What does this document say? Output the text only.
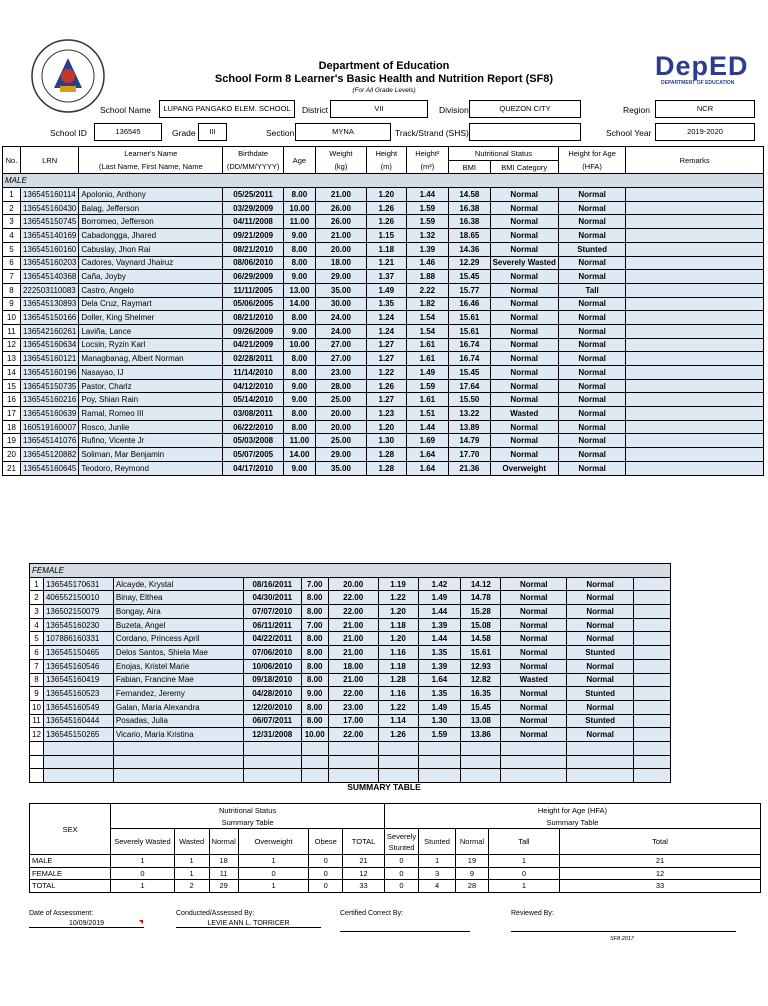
DepED
DEPARTMENT OF EDUCATION
Department of Education
School Form 8 Learner's Basic Health and Nutrition Report (SF8)
(For All Grade Levels)
School Name	LUPANG PANGAKO ELEM. SCHOOL	District	VII	Division	QUEZON CITY	Region	NCR
School ID	136545	Grade	III	Section	MYNA	Track/Strand (SHS)	School Year	2019-2020
No.	LRN	Learner's Name	Birthdate	Age	Weight	Height	Height²	Nutritional Status		Height for Age	Remarks
		(Last Name, First Name, Name	(DD/MM/YYYY)		(kg)	(m)	(m²)	BMI	BMI Category	(HFA)	
MALE											
1	136545160114	Apolonio, Anthony	05/25/2011	8.00	21.00	1.20	1.44	14.58	Normal	Normal	
2	136545160430	Balag, Jefferson	03/29/2009	10.00	26.00	1.26	1.59	16.38	Normal	Normal	
3	136545150745	Borromeo, Jefferson	04/11/2008	11.00	26.00	1.26	1.59	16.38	Normal	Normal	
4	136545140169	Cabadongga, Jhared	09/21/2009	9.00	21.00	1.15	1.32	18.65	Normal	Normal	
5	136545160160	Cabuslay, Jhon Rai	08/21/2010	8.00	20.00	1.18	1.39	14.36	Normal	Stunted	
6	136545160203	Cadores, Vaynard Jhairuz	08/06/2010	8.00	18.00	1.21	1.46	12.29	Severely Wasted	Normal	
7	136545140368	Caña, Joyby	06/29/2009	9.00	29.00	1.37	1.88	15.45	Normal	Normal	
8	222503110083	Castro, Angelo	11/11/2005	13.00	35.00	1.49	2.22	15.77	Normal	Tall	
9	136545130893	Dela Cruz, Raymart	05/06/2005	14.00	30.00	1.35	1.82	16.46	Normal	Normal	
10	136545150166	Doller, King Shelmer	08/21/2010	8.00	24.00	1.24	1.54	15.61	Normal	Normal	
11	136542160261	Laviña, Lance	09/26/2009	9.00	24.00	1.24	1.54	15.61	Normal	Normal	
12	136545160634	Locsin, Ryzin Karl	04/21/2009	10.00	27.00	1.27	1.61	16.74	Normal	Normal	
13	136545160121	Managbanag, Albert Norman	02/28/2011	8.00	27.00	1.27	1.61	16.74	Normal	Normal	
14	136545160196	Nasayao, IJ	11/14/2010	8.00	23.00	1.22	1.49	15.45	Normal	Normal	
15	136545150735	Pastor, Charlz	04/12/2010	9.00	28.00	1.26	1.59	17.64	Normal	Normal	
16	136545160216	Poy, Shian Rain	05/14/2010	9.00	25.00	1.27	1.61	15.50	Normal	Normal	
17	136545160639	Ramal, Romeo III	03/08/2011	8.00	20.00	1.23	1.51	13.22	Wasted	Normal	
18	160519160007	Rosco, Junlie	06/22/2010	8.00	20.00	1.20	1.44	13.89	Normal	Normal	
19	136545141076	Rufino, Vicente Jr	05/03/2008	11.00	25.00	1.30	1.69	14.79	Normal	Normal	
20	136545120882	Soliman, Mar Benjamin	05/07/2005	14.00	29.00	1.28	1.64	17.70	Normal	Normal	
21	136545160645	Teodoro, Reymond	04/17/2010	9.00	35.00	1.28	1.64	21.36	Overweight	Normal	
FEMALE											
1	136545170631	Alcayde, Krystal	08/16/2011	7.00	20.00	1.19	1.42	14.12	Normal	Normal	
2	406552150010	Binay, Elthea	04/30/2011	8.00	22.00	1.22	1.49	14.78	Normal	Normal	
3	136502150079	Bongay, Aira	07/07/2010	8.00	22.00	1.20	1.44	15.28	Normal	Normal	
4	136545160230	Buzeta, Angel	06/11/2011	7.00	21.00	1.18	1.39	15.08	Normal	Normal	
5	107886160331	Cordano, Princess April	04/22/2011	8.00	21.00	1.20	1.44	14.58	Normal	Normal	
6	136545150465	Delos Santos, Shiela Mae	07/06/2010	8.00	21.00	1.16	1.35	15.61	Normal	Stunted	
7	136545160546	Enojas, Kristel Marie	10/06/2010	8.00	18.00	1.18	1.39	12.93	Normal	Normal	
8	136545160419	Fabian, Francine Mae	09/18/2010	8.00	21.00	1.28	1.64	12.82	Wasted	Normal	
9	136545160523	Fernandez, Jeremy	04/28/2010	9.00	22.00	1.16	1.35	16.35	Normal	Stunted	
10	136545160549	Galan, Maria Alexandra	12/20/2010	8.00	23.00	1.22	1.49	15.45	Normal	Normal	
11	136545160444	Posadas, Julia	06/07/2011	8.00	17.00	1.14	1.30	13.08	Normal	Stunted	
12	136545150265	Vicario, Maria Kristina	12/31/2008	10.00	22.00	1.26	1.59	13.86	Normal	Normal	

SUMMARY TABLE
SEX	Nutritional Status						Height for Age (HFA)				
	Summary Table						Summary Table				
	Severely Wasted	Wasted	Normal	Overweight	Obese	TOTAL	Severely Stunted	Stunted	Normal	Tall	Total
MALE	1	1	18	1	0	21	0	1	19	1	21
FEMALE	0	1	11	0	0	12	0	3	9	0	12
TOTAL	1	2	29	1	0	33	0	4	28	1	33
Date of Assessment:
10/09/2019
Conducted/Assessed By:
LEVIE ANN L. TORRICER
Certified Correct By:	Reviewed By:
SF8 2017
